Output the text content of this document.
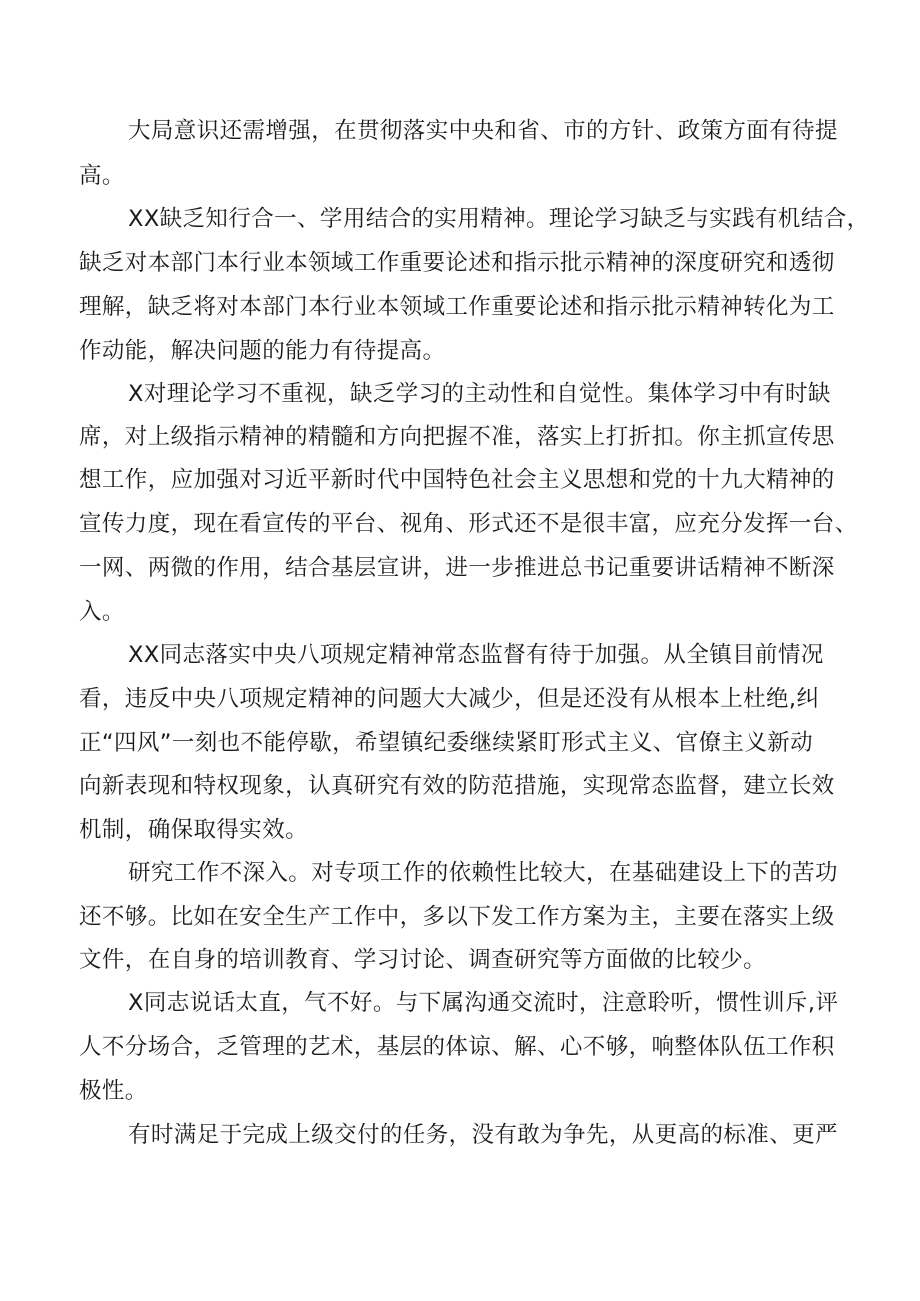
大局意识还需增强，在贯彻落实中央和省、市的方针、政策方面有待提

高。

XX缺乏知行合一、学用结合的实用精神。理论学习缺乏与实践有机结合，

缺乏对本部门本行业本领域工作重要论述和指示批示精神的深度研究和透彻

理解，缺乏将对本部门本行业本领域工作重要论述和指示批示精神转化为工

作动能，解决问题的能力有待提高。

X对理论学习不重视，缺乏学习的主动性和自觉性。集体学习中有时缺

席，对上级指示精神的精髓和方向把握不准，落实上打折扣。你主抓宣传思

想工作，应加强对习近平新时代中国特色社会主义思想和党的十九大精神的

宣传力度，现在看宣传的平台、视角、形式还不是很丰富，应充分发挥一台、

一网、两微的作用，结合基层宣讲，进一步推进总书记重要讲话精神不断深

入。

XX同志落实中央八项规定精神常态监督有待于加强。从全镇目前情况

看，违反中央八项规定精神的问题大大减少，但是还没有从根本上杜绝,纠

正“四风”一刻也不能停歇，希望镇纪委继续紧盯形式主义、官僚主义新动

向新表现和特权现象，认真研究有效的防范措施，实现常态监督，建立长效

机制，确保取得实效。

研究工作不深入。对专项工作的依赖性比较大，在基础建设上下的苦功

还不够。比如在安全生产工作中，多以下发工作方案为主，主要在落实上级

文件，在自身的培训教育、学习讨论、调查研究等方面做的比较少。

X同志说话太直，气不好。与下属沟通交流时，注意聆听，惯性训斥,评

人不分场合，乏管理的艺术，基层的体谅、解、心不够，响整体队伍工作积

极性。

有时满足于完成上级交付的任务，没有敢为争先，从更高的标准、更严
